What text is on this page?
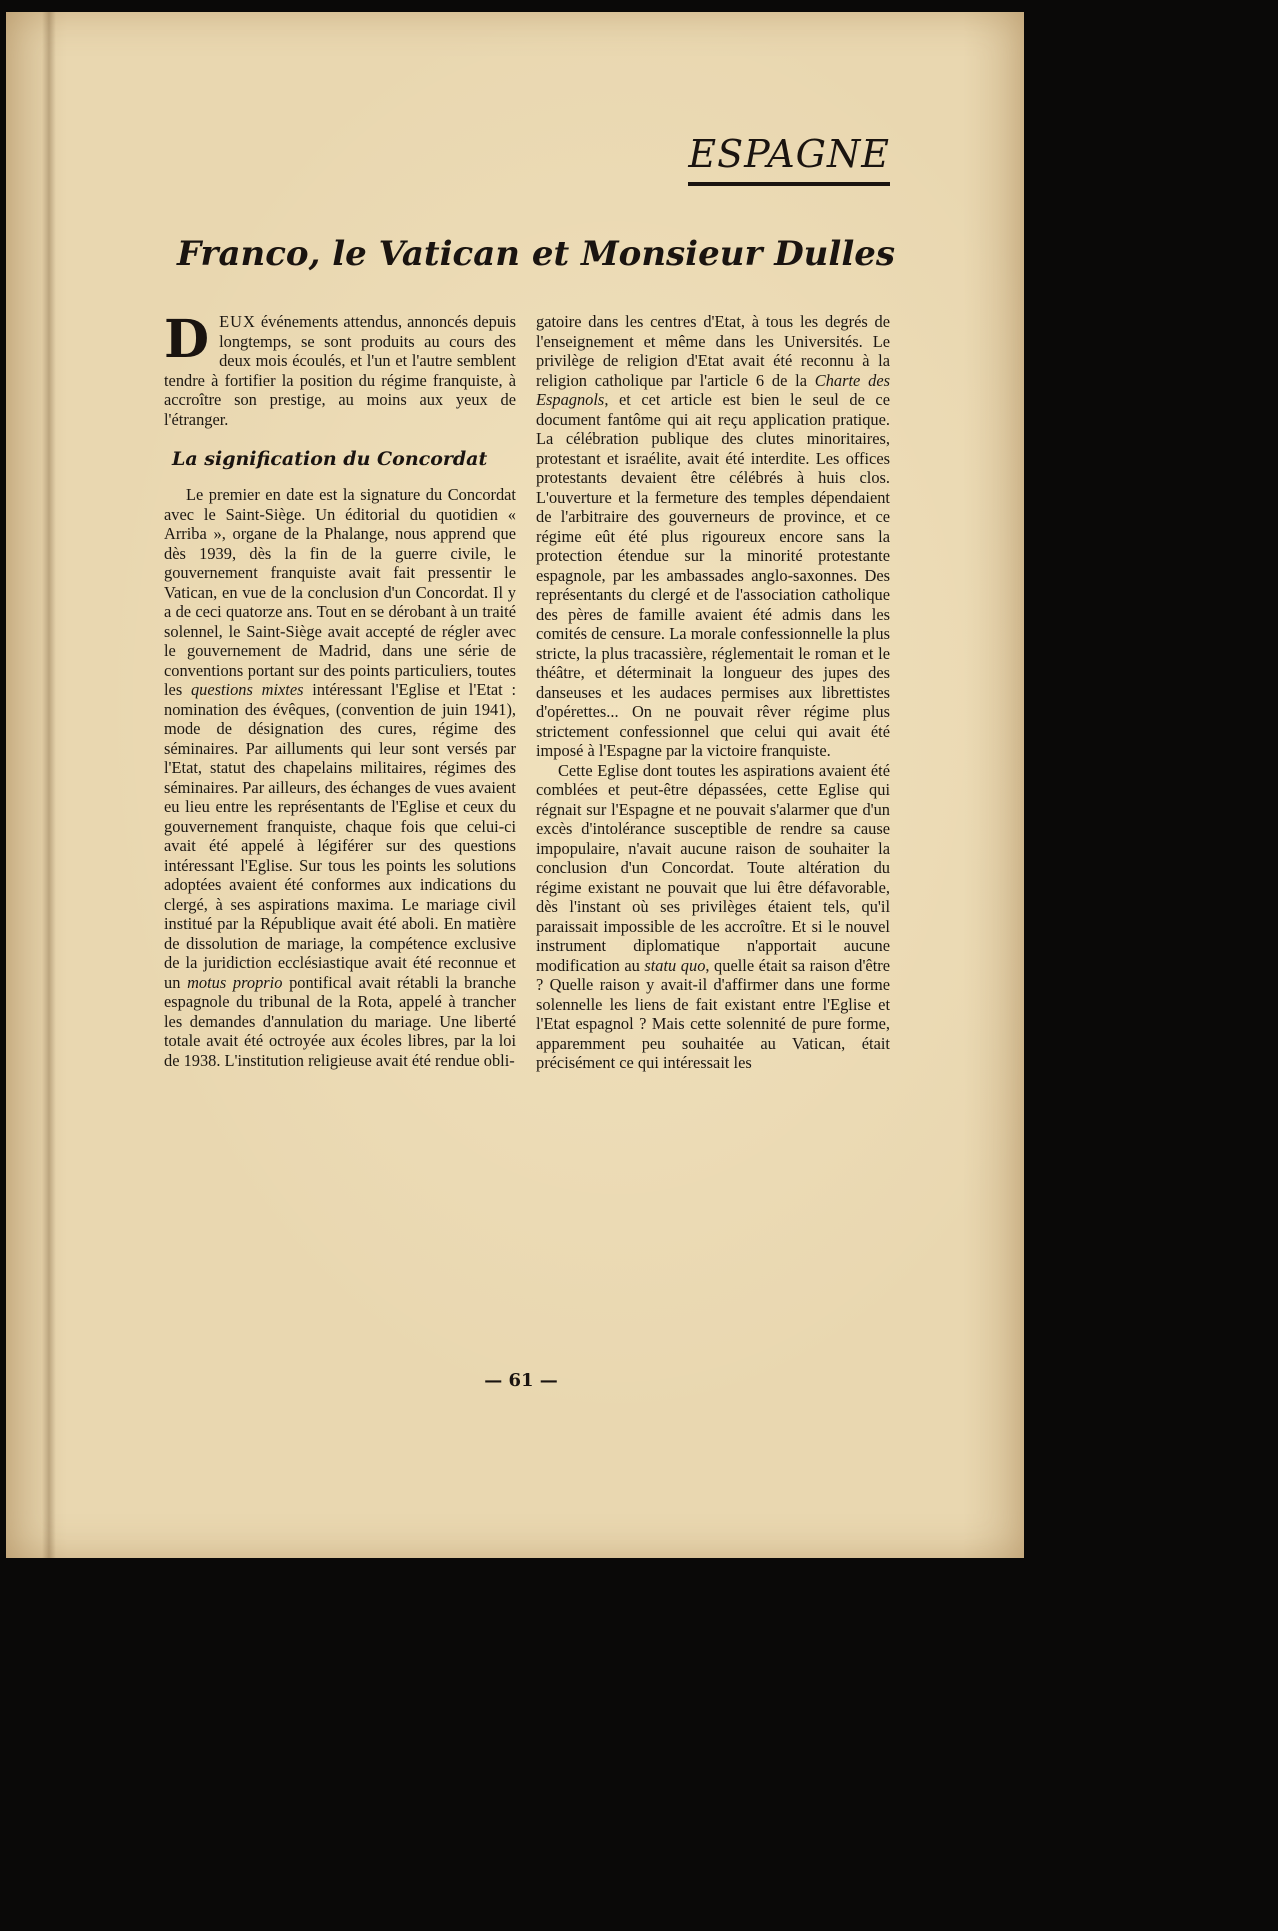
ESPAGNE
Franco, le Vatican et Monsieur Dulles

DEUX événements attendus, annoncés depuis longtemps, se sont produits au cours des deux mois écoulés, et l'un et l'autre semblent tendre à fortifier la position du régime franquiste, à accroître son prestige, au moins aux yeux de l'étranger.

La signification du Concordat

Le premier en date est la signature du Concordat avec le Saint-Siège. Un éditorial du quotidien « Arriba », organe de la Phalange, nous apprend que dès 1939, dès la fin de la guerre civile, le gouvernement franquiste avait fait pressentir le Vatican, en vue de la conclusion d'un Concordat. Il y a de ceci quatorze ans. Tout en se dérobant à un traité solennel, le Saint-Siège avait accepté de régler avec le gouvernement de Madrid, dans une série de conventions portant sur des points particuliers, toutes les questions mixtes intéressant l'Eglise et l'Etat : nomination des évêques, (convention de juin 1941), mode de désignation des cures, régime des séminaires. Par ailluments qui leur sont versés par l'Etat, statut des chapelains militaires, régimes des séminaires. Par ailleurs, des échanges de vues avaient eu lieu entre les représentants de l'Eglise et ceux du gouvernement franquiste, chaque fois que celui-ci avait été appelé à légiférer sur des questions intéressant l'Eglise. Sur tous les points les solutions adoptées avaient été conformes aux indications du clergé, à ses aspirations maxima. Le mariage civil institué par la République avait été aboli. En matière de dissolution de mariage, la compétence exclusive de la juridiction ecclésiastique avait été reconnue et un motus proprio pontifical avait rétabli la branche espagnole du tribunal de la Rota, appelé à trancher les demandes d'annulation du mariage. Une liberté totale avait été octroyée aux écoles libres, par la loi de 1938. L'institution religieuse avait été rendue obli-

gatoire dans les centres d'Etat, à tous les degrés de l'enseignement et même dans les Universités. Le privilège de religion d'Etat avait été reconnu à la religion catholique par l'article 6 de la Charte des Espagnols, et cet article est bien le seul de ce document fantôme qui ait reçu application pratique. La célébration publique des clutes minoritaires, protestant et israélite, avait été interdite. Les offices protestants devaient être célébrés à huis clos. L'ouverture et la fermeture des temples dépendaient de l'arbitraire des gouverneurs de province, et ce régime eût été plus rigoureux encore sans la protection étendue sur la minorité protestante espagnole, par les ambassades anglo-saxonnes. Des représentants du clergé et de l'association catholique des pères de famille avaient été admis dans les comités de censure. La morale confessionnelle la plus stricte, la plus tracassière, réglementait le roman et le théâtre, et déterminait la longueur des jupes des danseuses et les audaces permises aux librettistes d'opérettes... On ne pouvait rêver régime plus strictement confessionnel que celui qui avait été imposé à l'Espagne par la victoire franquiste.

Cette Eglise dont toutes les aspirations avaient été comblées et peut-être dépassées, cette Eglise qui régnait sur l'Espagne et ne pouvait s'alarmer que d'un excès d'intolérance susceptible de rendre sa cause impopulaire, n'avait aucune raison de souhaiter la conclusion d'un Concordat. Toute altération du régime existant ne pouvait que lui être défavorable, dès l'instant où ses privilèges étaient tels, qu'il paraissait impossible de les accroître. Et si le nouvel instrument diplomatique n'apportait aucune modification au statu quo, quelle était sa raison d'être ? Quelle raison y avait-il d'affirmer dans une forme solennelle les liens de fait existant entre l'Eglise et l'Etat espagnol ? Mais cette solennité de pure forme, apparemment peu souhaitée au Vatican, était précisément ce qui intéressait les

— 61 —
